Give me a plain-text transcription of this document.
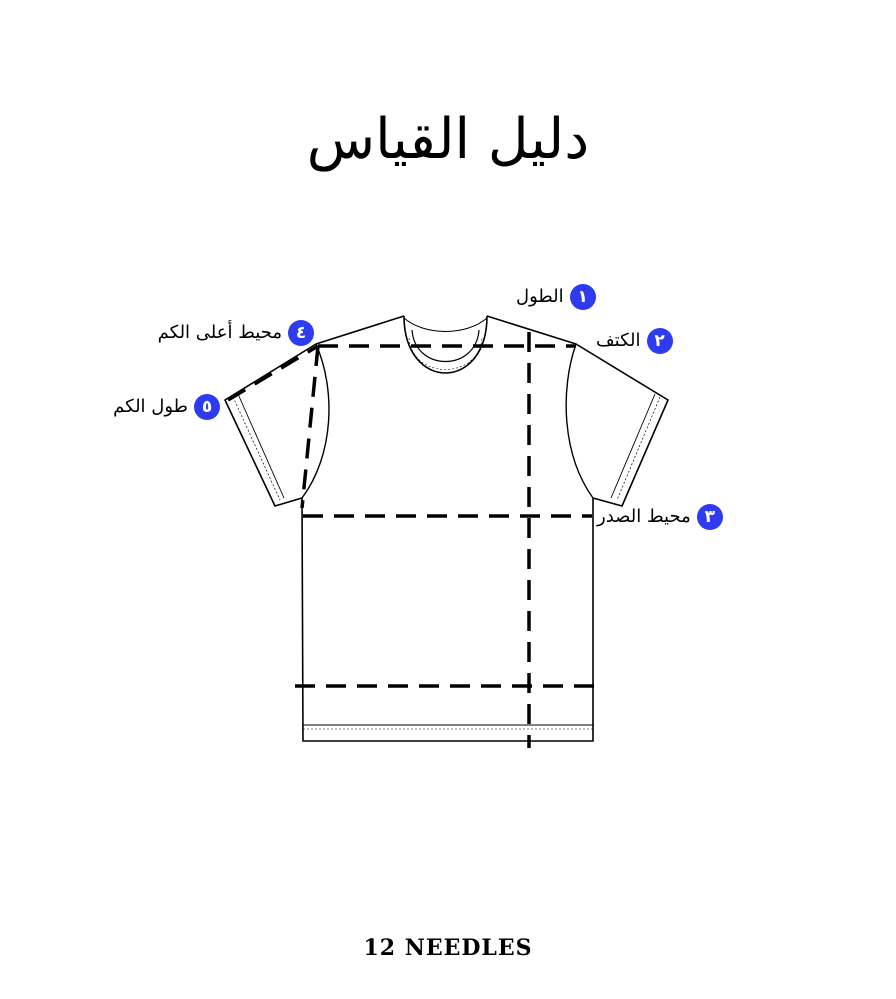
دليل القياس
١
الطول
٢
الكتف
٣
محيط الصدر
٤
محيط أعلى الكم
٥
طول الكم
12 NEEDLES
